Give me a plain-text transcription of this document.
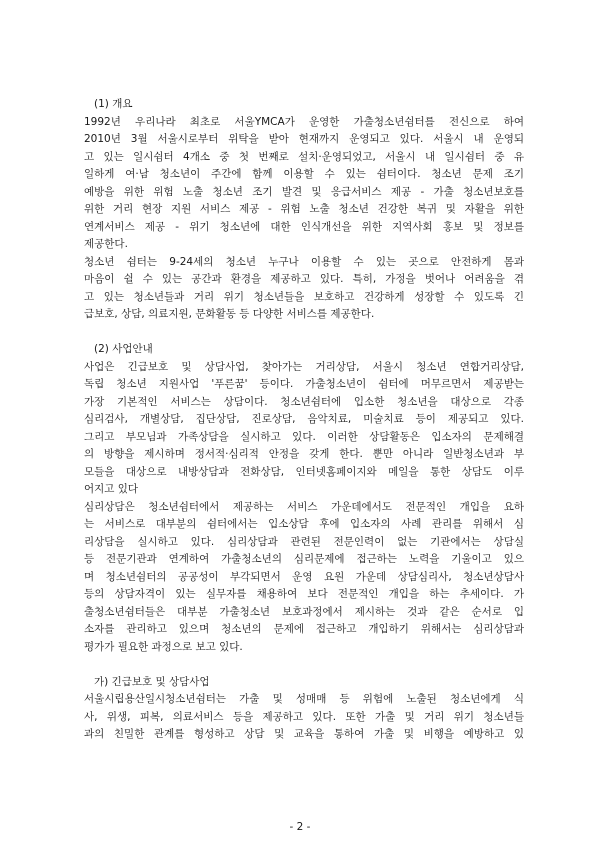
(1) 개요

1992년 우리나라 최초로 서울YMCA가 운영한 가출청소년쉼터를 전신으로 하여
2010년 3월 서울시로부터 위탁을 받아 현재까지 운영되고 있다. 서울시 내 운영되
고 있는 일시쉼터 4개소 중 첫 번째로 설치·운영되었고, 서울시 내 일시쉼터 중 유
일하게 여·남 청소년이 주간에 함께 이용할 수 있는 쉼터이다. 청소년 문제 조기
예방을 위한 위험 노출 청소년 조기 발견 및 응급서비스 제공 - 가출 청소년보호를
위한 거리 현장 지원 서비스 제공 - 위험 노출 청소년 건강한 복귀 및 자활을 위한
연계서비스 제공 - 위기 청소년에 대한 인식개선을 위한 지역사회 홍보 및 정보를
제공한다.
청소년 쉼터는 9-24세의 청소년 누구나 이용할 수 있는 곳으로 안전하게 몸과
마음이 쉴 수 있는 공간과 환경을 제공하고 있다. 특히, 가정을 벗어나 어려움을 겪
고 있는 청소년들과 거리 위기 청소년들을 보호하고 건강하게 성장할 수 있도록 긴
급보호, 상담, 의료지원, 문화활동 등 다양한 서비스를 제공한다.

(2) 사업안내

사업은 긴급보호 및 상담사업, 찾아가는 거리상담, 서울시 청소년 연합거리상담,
독립 청소년 지원사업 '푸른꿈' 등이다. 가출청소년이 쉼터에 머무르면서 제공받는
가장 기본적인 서비스는 상담이다. 청소년쉼터에 입소한 청소년을 대상으로 각종
심리검사, 개별상담, 집단상담, 진로상담, 음악치료, 미술치료 등이 제공되고 있다.
그리고 부모님과 가족상담을 실시하고 있다. 이러한 상담활동은 입소자의 문제해결
의 방향을 제시하며 정서적·심리적 안정을 갖게 한다. 뿐만 아니라 일반청소년과 부
모들을 대상으로 내방상담과 전화상담, 인터넷홈페이지와 메일을 통한 상담도 이루
어지고 있다
심리상담은 청소년쉼터에서 제공하는 서비스 가운데에서도 전문적인 개입을 요하
는 서비스로 대부분의 쉼터에서는 입소상담 후에 입소자의 사례 관리를 위해서 심
리상담을 실시하고 있다. 심리상담과 관련된 전문인력이 없는 기관에서는 상담실
등 전문기관과 연계하여 가출청소년의 심리문제에 접근하는 노력을 기울이고 있으
며 청소년쉼터의 공공성이 부각되면서 운영 요원 가운데 상담심리사, 청소년상담사
등의 상담자격이 있는 실무자를 채용하여 보다 전문적인 개입을 하는 추세이다. 가
출청소년쉼터들은 대부분 가출청소년 보호과정에서 제시하는 것과 같은 순서로 입
소자를 관리하고 있으며 청소년의 문제에 접근하고 개입하기 위해서는 심리상담과
평가가 필요한 과정으로 보고 있다.

가) 긴급보호 및 상담사업

서울시립용산일시청소년쉼터는 가출 및 성매매 등 위험에 노출된 청소년에게 식
사, 위생, 피복, 의료서비스 등을 제공하고 있다. 또한 가출 및 거리 위기 청소년들
과의 친밀한 관계를 형성하고 상담 및 교육을 통하여 가출 및 비행을 예방하고 있
- 2 -
